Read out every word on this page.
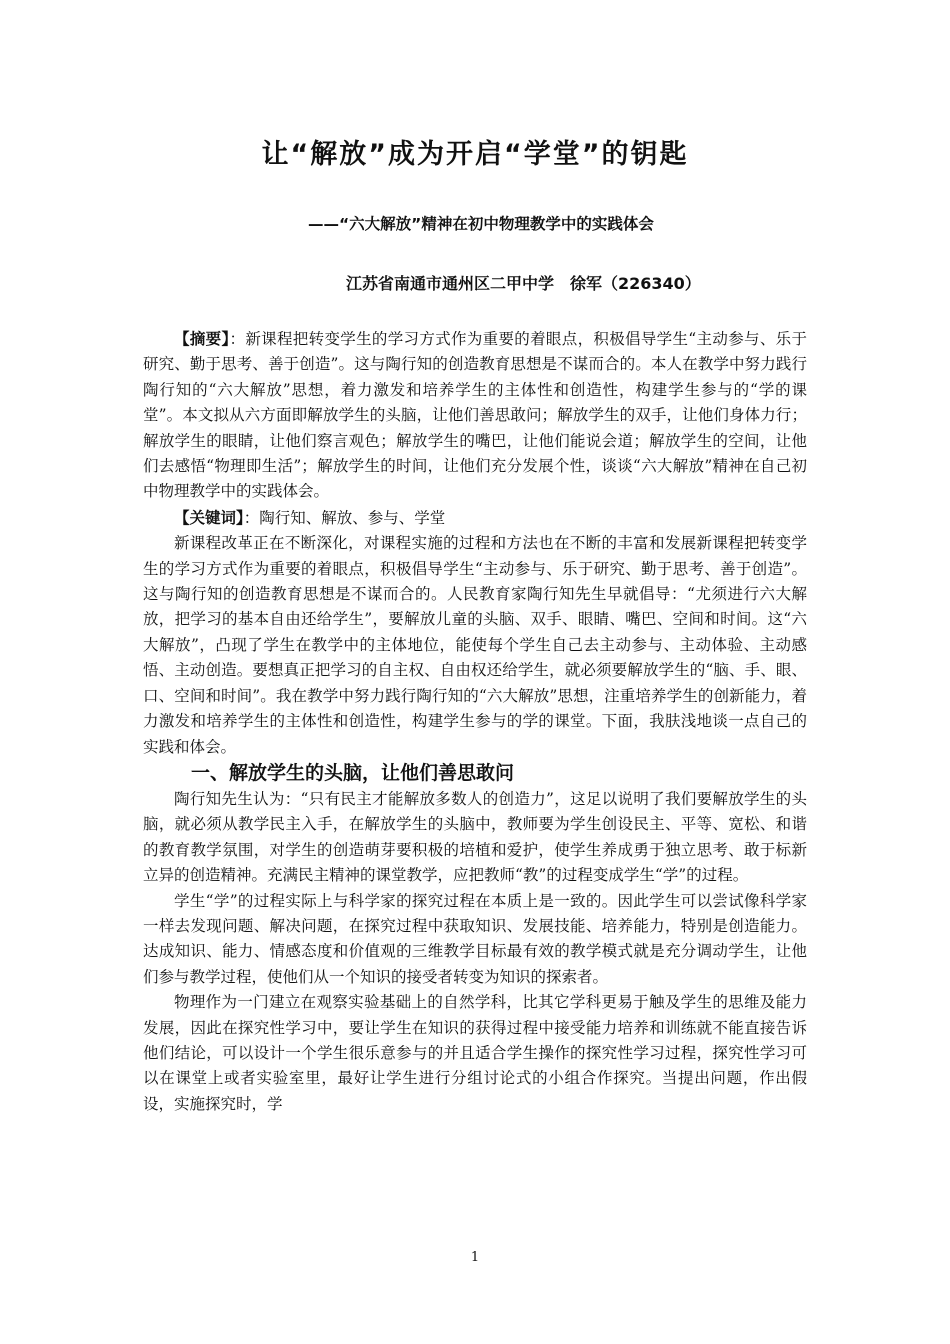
让“解放”成为开启“学堂”的钥匙
——“六大解放”精神在初中物理教学中的实践体会
江苏省南通市通州区二甲中学　徐军（226340）

【摘要】：新课程把转变学生的学习方式作为重要的着眼点，积极倡导学生“主动参与、乐于研究、勤于思考、善于创造”。这与陶行知的创造教育思想是不谋而合的。本人在教学中努力践行陶行知的“六大解放”思想，着力激发和培养学生的主体性和创造性，构建学生参与的“学的课堂”。本文拟从六方面即解放学生的头脑，让他们善思敢问；解放学生的双手，让他们身体力行；解放学生的眼睛，让他们察言观色；解放学生的嘴巴，让他们能说会道；解放学生的空间，让他们去感悟“物理即生活”；解放学生的时间，让他们充分发展个性，谈谈“六大解放”精神在自己初中物理教学中的实践体会。

【关键词】：陶行知、解放、参与、学堂

新课程改革正在不断深化，对课程实施的过程和方法也在不断的丰富和发展新课程把转变学生的学习方式作为重要的着眼点，积极倡导学生“主动参与、乐于研究、勤于思考、善于创造”。这与陶行知的创造教育思想是不谋而合的。人民教育家陶行知先生早就倡导：“尤须进行六大解放，把学习的基本自由还给学生”，要解放儿童的头脑、双手、眼睛、嘴巴、空间和时间。这“六大解放”，凸现了学生在教学中的主体地位，能使每个学生自己去主动参与、主动体验、主动感悟、主动创造。要想真正把学习的自主权、自由权还给学生，就必须要解放学生的“脑、手、眼、口、空间和时间”。我在教学中努力践行陶行知的“六大解放”思想，注重培养学生的创新能力，着力激发和培养学生的主体性和创造性，构建学生参与的学的课堂。下面，我肤浅地谈一点自己的实践和体会。

一、解放学生的头脑，让他们善思敢问

陶行知先生认为：“只有民主才能解放多数人的创造力”，这足以说明了我们要解放学生的头脑，就必须从教学民主入手，在解放学生的头脑中，教师要为学生创设民主、平等、宽松、和谐的教育教学氛围，对学生的创造萌芽要积极的培植和爱护，使学生养成勇于独立思考、敢于标新立异的创造精神。充满民主精神的课堂教学，应把教师“教”的过程变成学生“学”的过程。

学生“学”的过程实际上与科学家的探究过程在本质上是一致的。因此学生可以尝试像科学家一样去发现问题、解决问题，在探究过程中获取知识、发展技能、培养能力，特别是创造能力。达成知识、能力、情感态度和价值观的三维教学目标最有效的教学模式就是充分调动学生，让他们参与教学过程，使他们从一个知识的接受者转变为知识的探索者。

物理作为一门建立在观察实验基础上的自然学科，比其它学科更易于触及学生的思维及能力发展，因此在探究性学习中，要让学生在知识的获得过程中接受能力培养和训练就不能直接告诉他们结论，可以设计一个学生很乐意参与的并且适合学生操作的探究性学习过程，探究性学习可以在课堂上或者实验室里，最好让学生进行分组讨论式的小组合作探究。当提出问题，作出假设，实施探究时，学

1
